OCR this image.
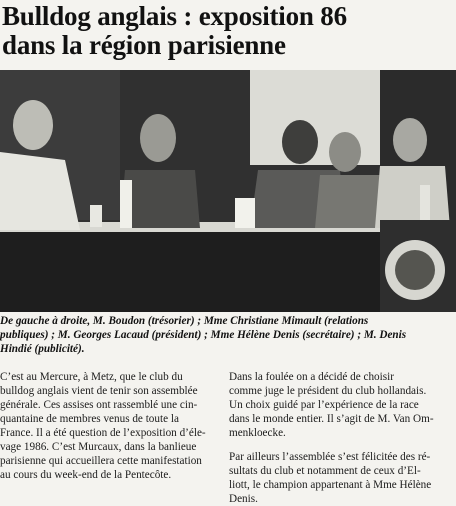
Bulldog anglais : exposition 86
dans la région parisienne
De gauche à droite, M. Boudon (trésorier) ; Mme Christiane Mimault (relations
publiques) ; M. Georges Lacaud (président) ; Mme Hélène Denis (secrétaire) ; M. Denis
Hindié (publicité).
C’est au Mercure, à Metz, que le club du
bulldog anglais vient de tenir son assemblée
générale. Ces assises ont rassemblé une cin-
quantaine de membres venus de toute la
France. Il a été question de l’exposition d’éle-
vage 1986. C’est Murcaux, dans la banlieue
parisienne qui accueillera cette manifestation
au cours du week-end de la Pentecôte.
Dans la foulée on a décidé de choisir
comme juge le président du club hollandais.
Un choix guidé par l’expérience de la race
dans le monde entier. Il s’agit de M. Van Om-
menkloecke.
Par ailleurs l’assemblée s’est félicitée des ré-
sultats du club et notamment de ceux d’El-
liott, le champion appartenant à Mme Hélène
Denis.
